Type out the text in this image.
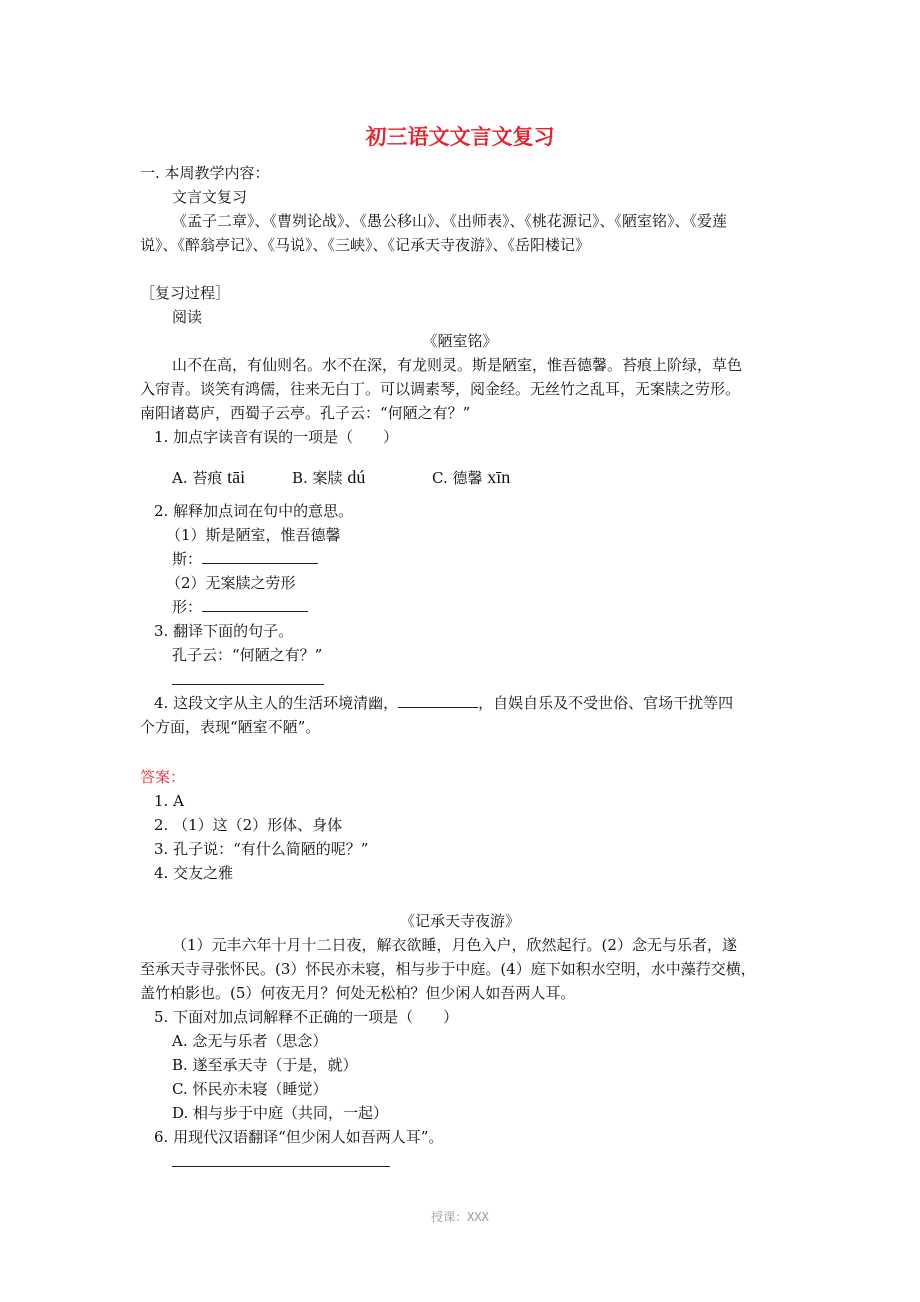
初三语文文言文复习
一. 本周教学内容：
文言文复习
《孟子二章》、《曹刿论战》、《愚公移山》、《出师表》、《桃花源记》、《陋室铭》、《爱莲
说》、《醉翁亭记》、《马说》、《三峡》、《记承天寺夜游》、《岳阳楼记》
［复习过程］
阅读
《陋室铭》
山不在高，有仙则名。水不在深，有龙则灵。斯是陋室，惟吾德馨。苔痕上阶绿，草色
入帘青。谈笑有鸿儒，往来无白丁。可以调素琴，阅金经。无丝竹之乱耳，无案牍之劳形。
南阳诸葛庐，西蜀子云亭。孔子云：“何陋之有？”
1. 加点字读音有误的一项是（　　）
A. 苔痕 tāi	B. 案牍 dú	C. 德馨 xīn
2. 解释加点词在句中的意思。
（1）斯是陋室，惟吾德馨
斯：
（2）无案牍之劳形
形：
3. 翻译下面的句子。
孔子云：“何陋之有？”
4. 这段文字从主人的生活环境清幽，	，自娱自乐及不受世俗、官场干扰等四
个方面，表现“陋室不陋”。
答案：
1. A
2. （1）这（2）形体、身体
3. 孔子说：“有什么简陋的呢？”
4. 交友之雅
《记承天寺夜游》
（1）元丰六年十月十二日夜，解衣欲睡，月色入户，欣然起行。(2）念无与乐者，遂
至承天寺寻张怀民。(3）怀民亦未寝，相与步于中庭。(4）庭下如积水空明，水中藻荇交横，
盖竹柏影也。(5）何夜无月？何处无松柏？但少闲人如吾两人耳。
5. 下面对加点词解释不正确的一项是（　　）
A. 念无与乐者（思念）
B. 遂至承天寺（于是，就）
C. 怀民亦未寝（睡觉）
D. 相与步于中庭（共同，一起）
6. 用现代汉语翻译“但少闲人如吾两人耳”。
授课：XXX
